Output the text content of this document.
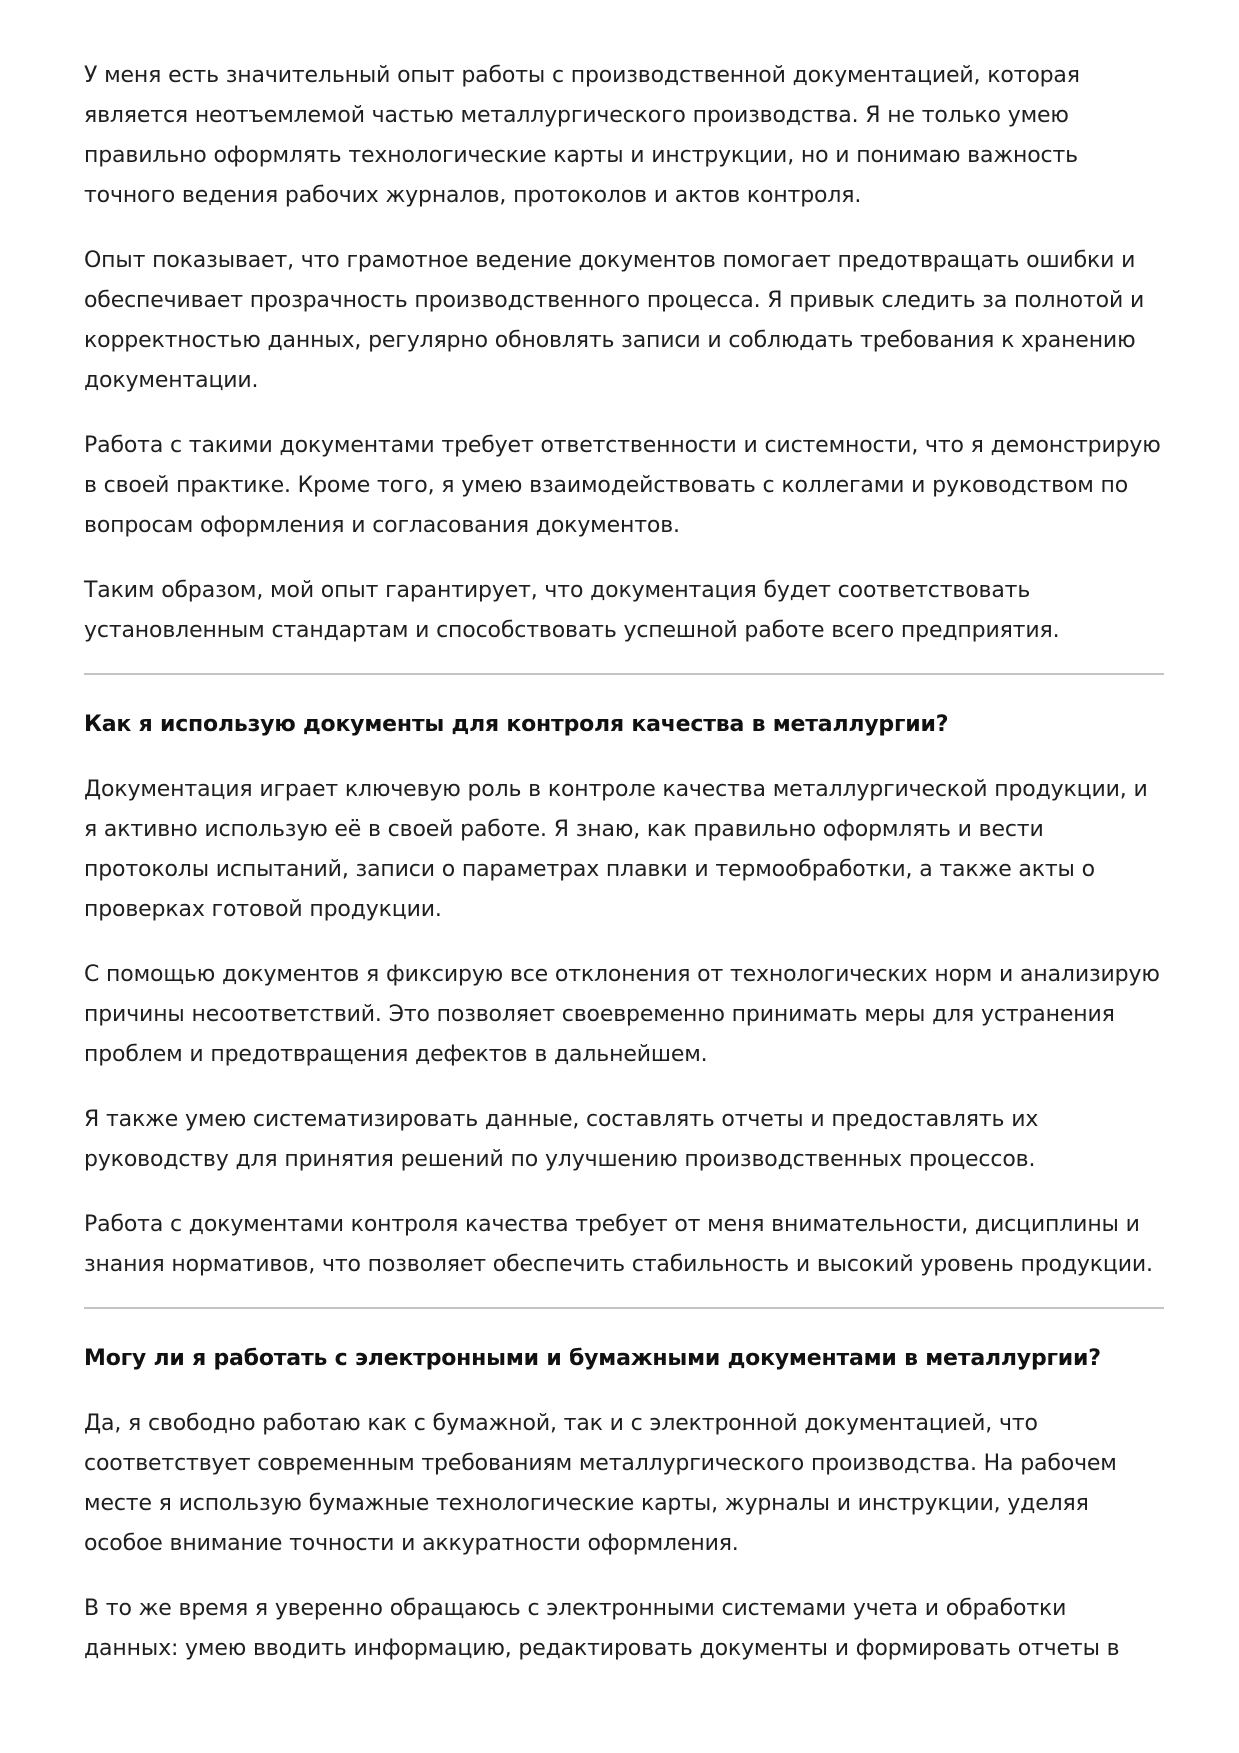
У меня есть значительный опыт работы с производственной документацией, которая является неотъемлемой частью металлургического производства. Я не только умею правильно оформлять технологические карты и инструкции, но и понимаю важность точного ведения рабочих журналов, протоколов и актов контроля.

Опыт показывает, что грамотное ведение документов помогает предотвращать ошибки и обеспечивает прозрачность производственного процесса. Я привык следить за полнотой и корректностью данных, регулярно обновлять записи и соблюдать требования к хранению документации.

Работа с такими документами требует ответственности и системности, что я демонстрирую в своей практике. Кроме того, я умею взаимодействовать с коллегами и руководством по вопросам оформления и согласования документов.

Таким образом, мой опыт гарантирует, что документация будет соответствовать установленным стандартам и способствовать успешной работе всего предприятия.

Как я использую документы для контроля качества в металлургии?

Документация играет ключевую роль в контроле качества металлургической продукции, и я активно использую её в своей работе. Я знаю, как правильно оформлять и вести протоколы испытаний, записи о параметрах плавки и термообработки, а также акты о проверках готовой продукции.

С помощью документов я фиксирую все отклонения от технологических норм и анализирую причины несоответствий. Это позволяет своевременно принимать меры для устранения проблем и предотвращения дефектов в дальнейшем.

Я также умею систематизировать данные, составлять отчеты и предоставлять их руководству для принятия решений по улучшению производственных процессов.

Работа с документами контроля качества требует от меня внимательности, дисциплины и знания нормативов, что позволяет обеспечить стабильность и высокий уровень продукции.

Могу ли я работать с электронными и бумажными документами в металлургии?

Да, я свободно работаю как с бумажной, так и с электронной документацией, что соответствует современным требованиям металлургического производства. На рабочем месте я использую бумажные технологические карты, журналы и инструкции, уделяя особое внимание точности и аккуратности оформления.

В то же время я уверенно обращаюсь с электронными системами учета и обработки данных: умею вводить информацию, редактировать документы и формировать отчеты в
